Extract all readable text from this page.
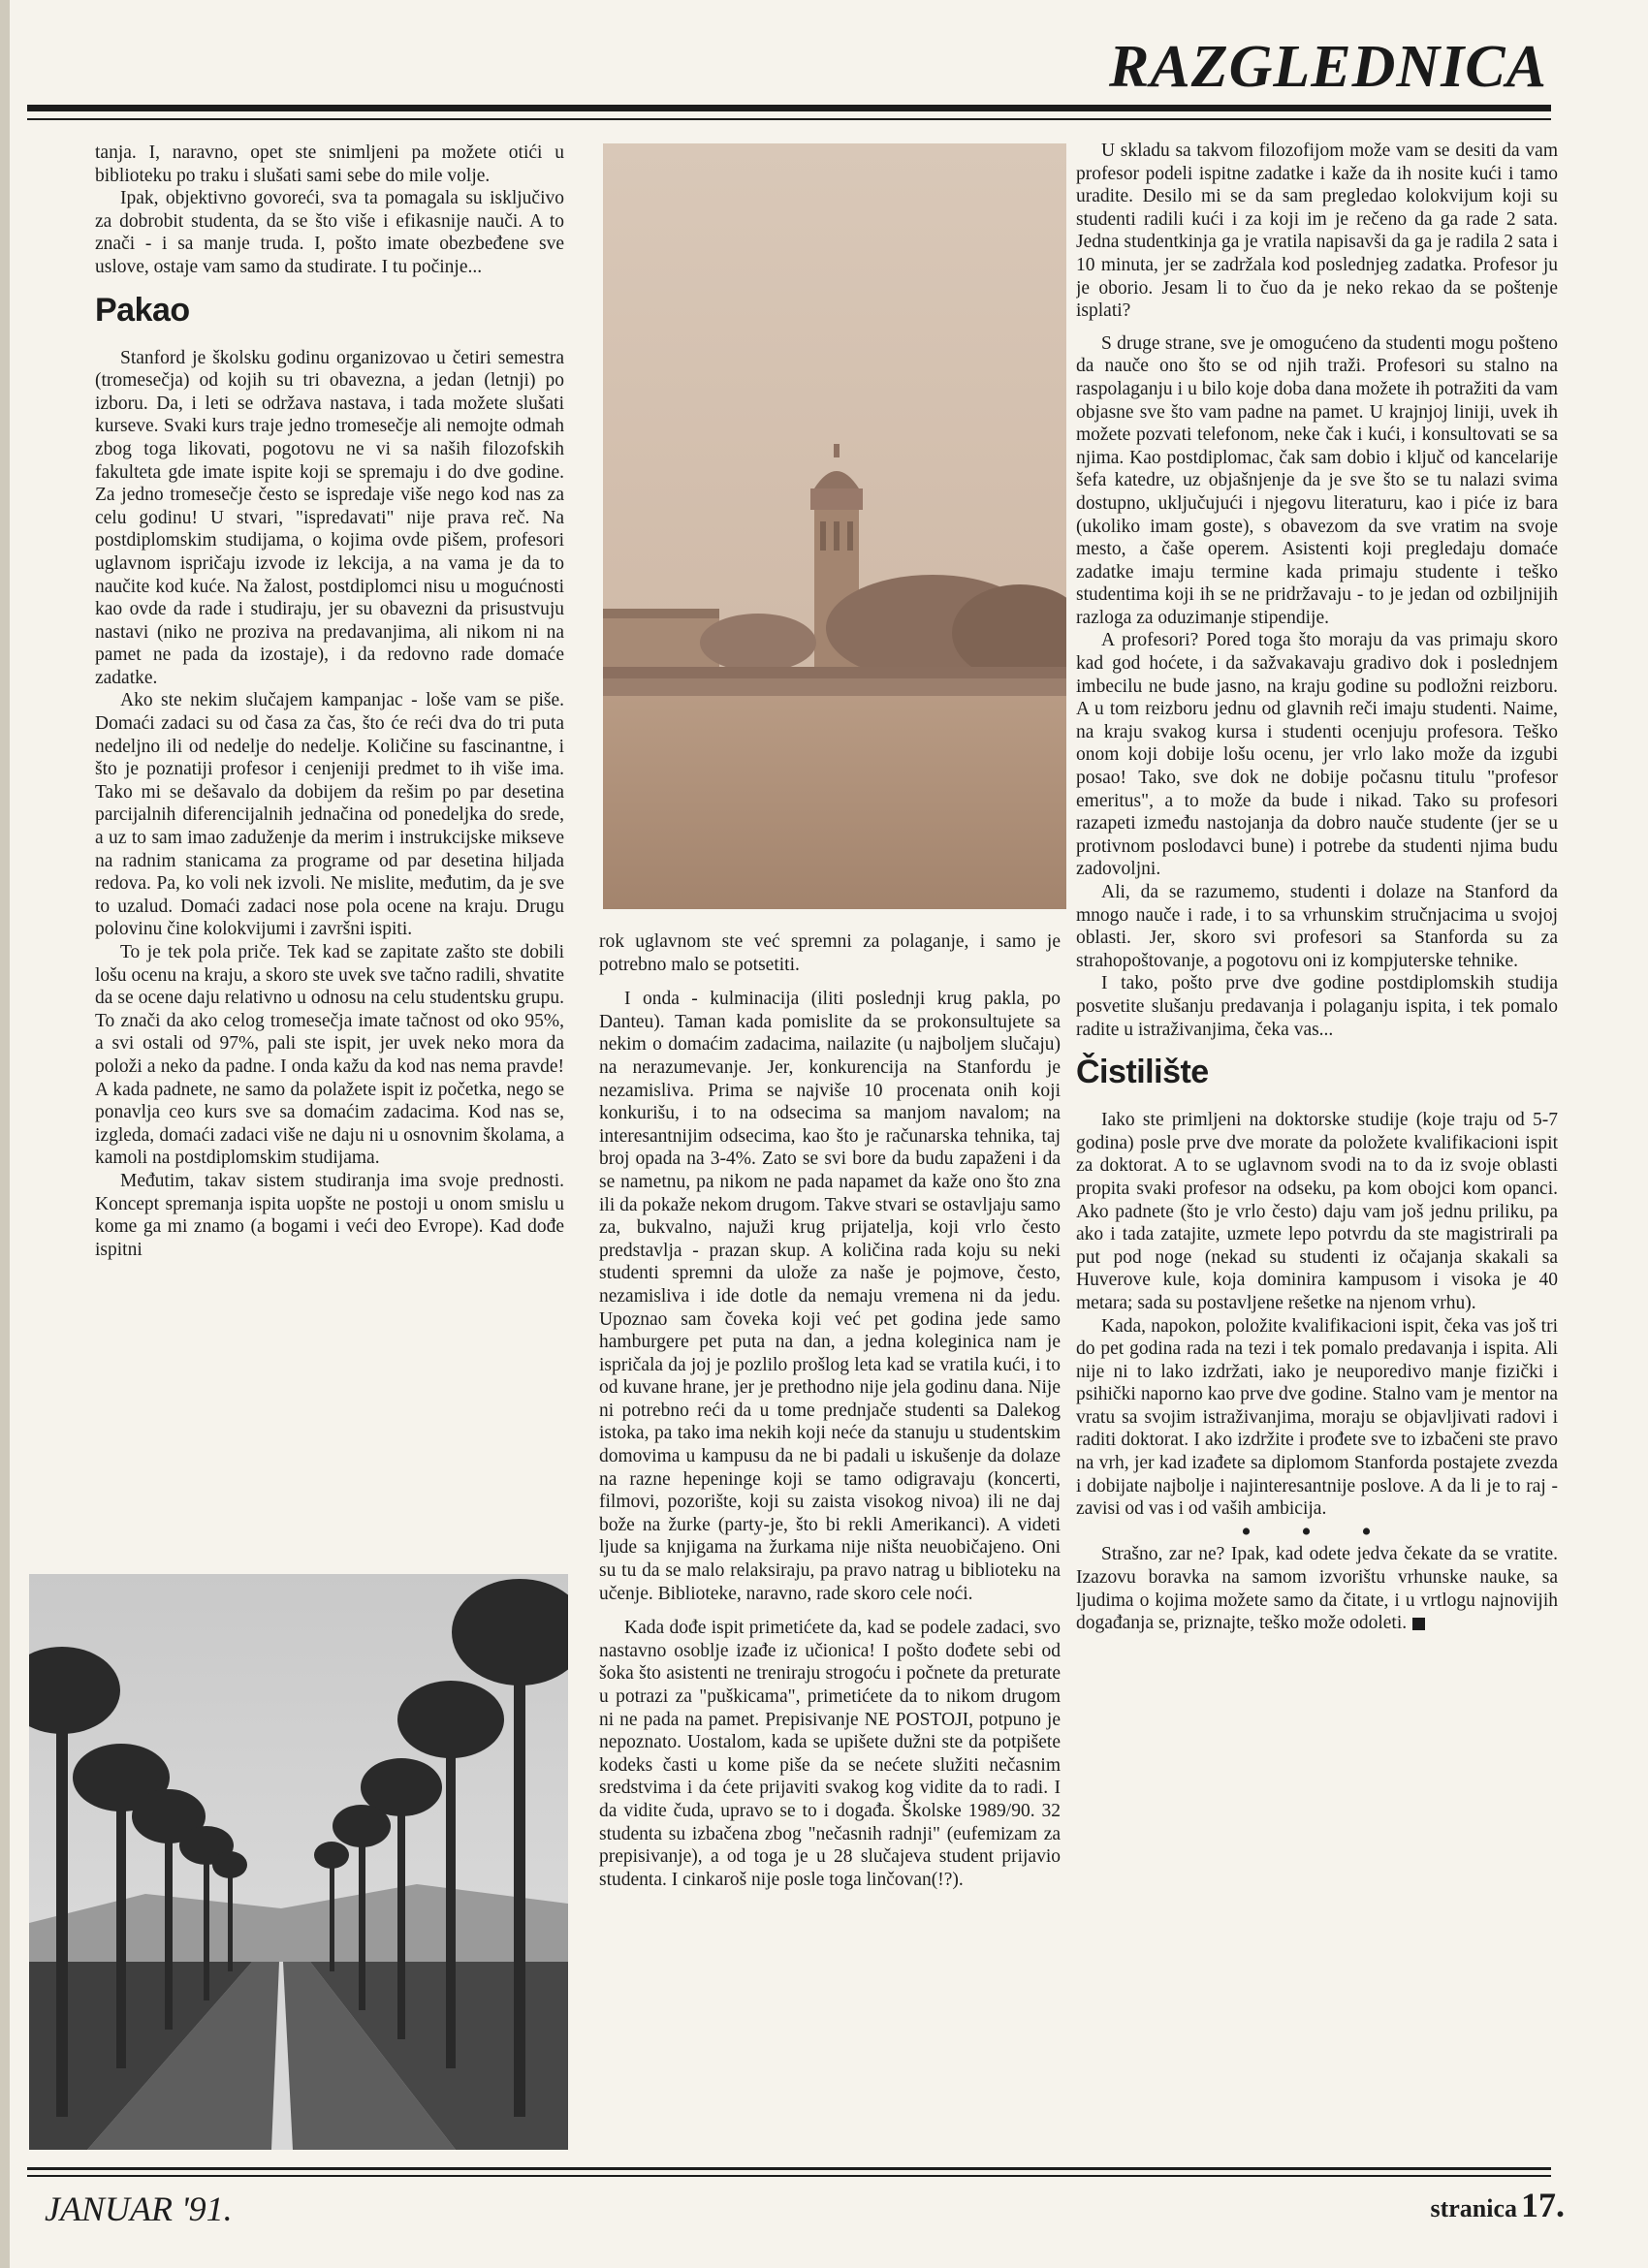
RAZGLEDNICA

tanja. I, naravno, opet ste snimljeni pa možete otići u biblioteku po traku i slušati sami sebe do mile volje.

Ipak, objektivno govoreći, sva ta pomagala su isključivo za dobrobit studenta, da se što više i efikasnije nauči. A to znači - i sa manje truda. I, pošto imate obezbeđene sve uslove, ostaje vam samo da studirate. I tu počinje...

Pakao

Stanford je školsku godinu organizovao u četiri semestra (tromesečja) od kojih su tri obavezna, a jedan (letnji) po izboru. Da, i leti se održava nastava, i tada možete slušati kurseve. Svaki kurs traje jedno tromesečje ali nemojte odmah zbog toga likovati, pogotovu ne vi sa naših filozofskih fakulteta gde imate ispite koji se spremaju i do dve godine. Za jedno tromesečje često se ispredaje više nego kod nas za celu godinu! U stvari, "ispredavati" nije prava reč. Na postdiplomskim studijama, o kojima ovde pišem, profesori uglavnom ispričaju izvode iz lekcija, a na vama je da to naučite kod kuće. Na žalost, postdiplomci nisu u mogućnosti kao ovde da rade i studiraju, jer su obavezni da prisustvuju nastavi (niko ne proziva na predavanjima, ali nikom ni na pamet ne pada da izostaje), i da redovno rade domaće zadatke.

Ako ste nekim slučajem kampanjac - loše vam se piše. Domaći zadaci su od časa za čas, što će reći dva do tri puta nedeljno ili od nedelje do nedelje. Količine su fascinantne, i što je poznatiji profesor i cenjeniji predmet to ih više ima. Tako mi se dešavalo da dobijem da rešim po par desetina parcijalnih diferencijalnih jednačina od ponedeljka do srede, a uz to sam imao zaduženje da merim i instrukcijske mikseve na radnim stanicama za programe od par desetina hiljada redova. Pa, ko voli nek izvoli. Ne mislite, međutim, da je sve to uzalud. Domaći zadaci nose pola ocene na kraju. Drugu polovinu čine kolokvijumi i završni ispiti.

To je tek pola priče. Tek kad se zapitate zašto ste dobili lošu ocenu na kraju, a skoro ste uvek sve tačno radili, shvatite da se ocene daju relativno u odnosu na celu studentsku grupu. To znači da ako celog tromesečja imate tačnost od oko 95%, a svi ostali od 97%, pali ste ispit, jer uvek neko mora da položi a neko da padne. I onda kažu da kod nas nema pravde! A kada padnete, ne samo da polažete ispit iz početka, nego se ponavlja ceo kurs sve sa domaćim zadacima. Kod nas se, izgleda, domaći zadaci više ne daju ni u osnovnim školama, a kamoli na postdiplomskim studijama.

Međutim, takav sistem studiranja ima svoje prednosti. Koncept spremanja ispita uopšte ne postoji u onom smislu u kome ga mi znamo (a bogami i veći deo Evrope). Kad dođe ispitni

rok uglavnom ste već spremni za polaganje, i samo je potrebno malo se potsetiti.

I onda - kulminacija (iliti poslednji krug pakla, po Danteu). Taman kada pomislite da se prokonsultujete sa nekim o domaćim zadacima, nailazite (u najboljem slučaju) na nerazumevanje. Jer, konkurencija na Stanfordu je nezamisliva. Prima se najviše 10 procenata onih koji konkurišu, i to na odsecima sa manjom navalom; na interesantnijim odsecima, kao što je računarska tehnika, taj broj opada na 3-4%. Zato se svi bore da budu zapaženi i da se nametnu, pa nikom ne pada napamet da kaže ono što zna ili da pokaže nekom drugom. Takve stvari se ostavljaju samo za, bukvalno, najuži krug prijatelja, koji vrlo često predstavlja - prazan skup. A količina rada koju su neki studenti spremni da ulože za naše je pojmove, često, nezamisliva i ide dotle da nemaju vremena ni da jedu. Upoznao sam čoveka koji već pet godina jede samo hamburgere pet puta na dan, a jedna koleginica nam je ispričala da joj je pozlilo prošlog leta kad se vratila kući, i to od kuvane hrane, jer je prethodno nije jela godinu dana. Nije ni potrebno reći da u tome prednjače studenti sa Dalekog istoka, pa tako ima nekih koji neće da stanuju u studentskim domovima u kampusu da ne bi padali u iskušenje da dolaze na razne hepeninge koji se tamo odigravaju (koncerti, filmovi, pozorište, koji su zaista visokog nivoa) ili ne daj bože na žurke (party-je, što bi rekli Amerikanci). A videti ljude sa knjigama na žurkama nije ništa neuobičajeno. Oni su tu da se malo relaksiraju, pa pravo natrag u biblioteku na učenje. Biblioteke, naravno, rade skoro cele noći.

Kada dođe ispit primetićete da, kad se podele zadaci, svo nastavno osoblje izađe iz učionica! I pošto dođete sebi od šoka što asistenti ne treniraju strogoću i počnete da preturate u potrazi za "puškicama", primetićete da to nikom drugom ni ne pada na pamet. Prepisivanje NE POSTOJI, potpuno je nepoznato. Uostalom, kada se upišete dužni ste da potpišete kodeks časti u kome piše da se nećete služiti nečasnim sredstvima i da ćete prijaviti svakog kog vidite da to radi. I da vidite čuda, upravo se to i događa. Školske 1989/90. 32 studenta su izbačena zbog "nečasnih radnji" (eufemizam za prepisivanje), a od toga je u 28 slučajeva student prijavio studenta. I cinkaroš nije posle toga linčovan(!?).

U skladu sa takvom filozofijom može vam se desiti da vam profesor podeli ispitne zadatke i kaže da ih nosite kući i tamo uradite. Desilo mi se da sam pregledao kolokvijum koji su studenti radili kući i za koji im je rečeno da ga rade 2 sata. Jedna studentkinja ga je vratila napisavši da ga je radila 2 sata i 10 minuta, jer se zadržala kod poslednjeg zadatka. Profesor ju je oborio. Jesam li to čuo da je neko rekao da se poštenje isplati?

S druge strane, sve je omogućeno da studenti mogu pošteno da nauče ono što se od njih traži. Profesori su stalno na raspolaganju i u bilo koje doba dana možete ih potražiti da vam objasne sve što vam padne na pamet. U krajnjoj liniji, uvek ih možete pozvati telefonom, neke čak i kući, i konsultovati se sa njima. Kao postdiplomac, čak sam dobio i ključ od kancelarije šefa katedre, uz objašnjenje da je sve što se tu nalazi svima dostupno, uključujući i njegovu literaturu, kao i piće iz bara (ukoliko imam goste), s obavezom da sve vratim na svoje mesto, a čaše operem. Asistenti koji pregledaju domaće zadatke imaju termine kada primaju studente i teško studentima koji ih se ne pridržavaju - to je jedan od ozbiljnijih razloga za oduzimanje stipendije.

A profesori? Pored toga što moraju da vas primaju skoro kad god hoćete, i da sažvakavaju gradivo dok i poslednjem imbecilu ne bude jasno, na kraju godine su podložni reizboru. A u tom reizboru jednu od glavnih reči imaju studenti. Naime, na kraju svakog kursa i studenti ocenjuju profesora. Teško onom koji dobije lošu ocenu, jer vrlo lako može da izgubi posao! Tako, sve dok ne dobije počasnu titulu "profesor emeritus", a to može da bude i nikad. Tako su profesori razapeti između nastojanja da dobro nauče studente (jer se u protivnom poslodavci bune) i potrebe da studenti njima budu zadovoljni.

Ali, da se razumemo, studenti i dolaze na Stanford da mnogo nauče i rade, i to sa vrhunskim stručnjacima u svojoj oblasti. Jer, skoro svi profesori sa Stanforda su za strahopoštovanje, a pogotovu oni iz kompjuterske tehnike.

I tako, pošto prve dve godine postdiplomskih studija posvetite slušanju predavanja i polaganju ispita, i tek pomalo radite u istraživanjima, čeka vas...

Čistilište

Iako ste primljeni na doktorske studije (koje traju od 5-7 godina) posle prve dve morate da položete kvalifikacioni ispit za doktorat. A to se uglavnom svodi na to da iz svoje oblasti propita svaki profesor na odseku, pa kom obojci kom opanci. Ako padnete (što je vrlo često) daju vam još jednu priliku, pa ako i tada zatajite, uzmete lepo potvrdu da ste magistrirali pa put pod noge (nekad su studenti iz očajanja skakali sa Huverove kule, koja dominira kampusom i visoka je 40 metara; sada su postavljene rešetke na njenom vrhu).

Kada, napokon, položite kvalifikacioni ispit, čeka vas još tri do pet godina rada na tezi i tek pomalo predavanja i ispita. Ali nije ni to lako izdržati, iako je neuporedivo manje fizički i psihički naporno kao prve dve godine. Stalno vam je mentor na vratu sa svojim istraživanjima, moraju se objavljivati radovi i raditi doktorat. I ako izdržite i prođete sve to izbačeni ste pravo na vrh, jer kad izađete sa diplomom Stanforda postajete zvezda i dobijate najbolje i najinteresantnije poslove. A da li je to raj - zavisi od vas i od vaših ambicija.

• • •

Strašno, zar ne? Ipak, kad odete jedva čekate da se vratite. Izazovu boravka na samom izvorištu vrhunske nauke, sa ljudima o kojima možete samo da čitate, i u vrtlogu najnovijih događanja se, priznajte, teško može odoleti.

JANUAR '91.	stranica 17.
